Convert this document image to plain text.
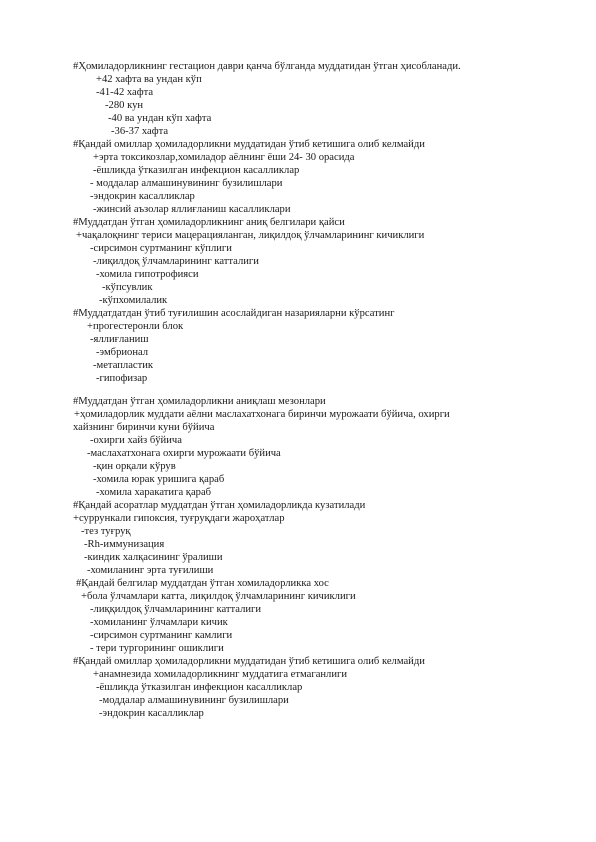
#Ҳомиладорликнинг гестацион даври қанча бўлганда муддатидан ўтган ҳисобланади.
+42 хафта ва ундан кўп
-41-42 хафта
-280 кун
-40 ва ундан кўп хафта
-36-37 хафта
#Қандай омиллар ҳомиладорликни муддатидан ўтиб кетишига олиб келмайди
+эрта токсикозлар,хомиладор аёлнинг ёши 24- 30 орасида
-ёшликда ўтказилган инфекцион касалликлар
- моддалар алмашинувининг бузилишлари
-эндокрин касалликлар
-жинсий аъзолар яллиғланиш касалликлари
#Муддатдан ўтган ҳомиладорликнинг аниқ белгилари қайси
+чақалоқнинг териси мацерацияланган, лиқилдоқ ўлчамларининг кичиклиги
-сирсимон суртманинг кўплиги
-лиқилдоқ ўлчамларининг катталиги
-хомила гипотрофияси
-кўпсувлик
-кўпхомилалик
#Муддатдатдан ўтиб туғилишин асослайдиган назарияларни кўрсатинг
+прогестеронли блок
-яллиғланиш
-эмбрионал
-метапластик
-гипофизар
#Муддатдан ўтган ҳомиладорликни аниқлаш мезонлари
+ҳомиладорлик муддати аёлни маслахатхонага биринчи мурожаати бўйича, охирги
хайзнинг биринчи куни бўйича
-охирги хайз бўйича
-маслахатхонага охирги мурожаати бўйича
-қин орқали кўрув
-хомила юрак уришига қараб
-хомила харакатига қараб
#Қандай асоратлар муддатдан ўтган ҳомиладорликда кузатилади
+суррункали гипоксия, туғруқдаги жароҳатлар
-тез туғруқ
-Rh-иммунизация
-киндик халқасининг ўралиши
-хомиланинг эрта туғилиши
#Қандай белгилар муддатдан ўтган хомиладорликка хос
+бола ўлчамлари катта, лиқилдоқ ўлчамларининг кичиклиги
-лиққилдоқ ўлчамларининг катталиги
-хомиланинг ўлчамлари кичик
-сирсимон суртманинг камлиги
- тери тургорининг ошиклиги
#Қандай омиллар ҳомиладорликни муддатидан ўтиб кетишига олиб келмайди
+анамнезида хомиладорликнинг муддатига етмаганлиги
-ёшликда ўтказилган инфекцион касалликлар
-моддалар алмашинувининг бузилишлари
-эндокрин касалликлар
